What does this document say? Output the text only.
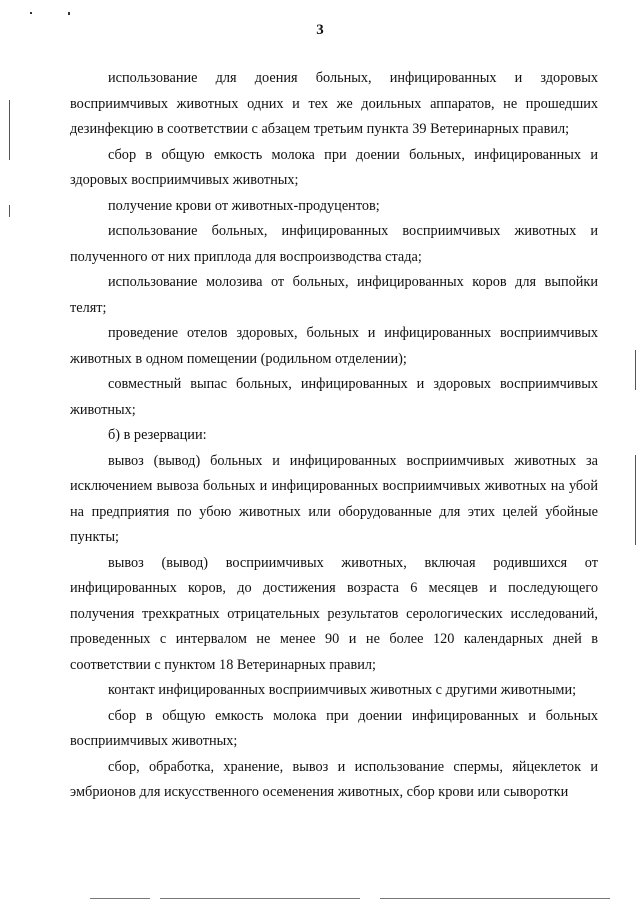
3

использование для доения больных, инфицированных и здоровых восприимчивых животных одних и тех же доильных аппаратов, не прошедших дезинфекцию в соответствии с абзацем третьим пункта 39 Ветеринарных правил;

сбор в общую емкость молока при доении больных, инфицированных и здоровых восприимчивых животных;

получение крови от животных-продуцентов;

использование больных, инфицированных восприимчивых животных и полученного от них приплода для воспроизводства стада;

использование молозива от больных, инфицированных коров для выпойки телят;

проведение отелов здоровых, больных и инфицированных восприимчивых животных в одном помещении (родильном отделении);

совместный выпас больных, инфицированных и здоровых восприимчивых животных;

б) в резервации:

вывоз (вывод) больных и инфицированных восприимчивых животных за исключением вывоза больных и инфицированных восприимчивых животных на убой на предприятия по убою животных или оборудованные для этих целей убойные пункты;

вывоз (вывод) восприимчивых животных, включая родившихся от инфицированных коров, до достижения возраста 6 месяцев и последующего получения трехкратных отрицательных результатов серологических исследований, проведенных с интервалом не менее 90 и не более 120 календарных дней в соответствии с пунктом 18 Ветеринарных правил;

контакт инфицированных восприимчивых животных с другими животными;

сбор в общую емкость молока при доении инфицированных и больных восприимчивых животных;

сбор, обработка, хранение, вывоз и использование спермы, яйцеклеток и эмбрионов для искусственного осеменения животных, сбор крови или сыворотки
